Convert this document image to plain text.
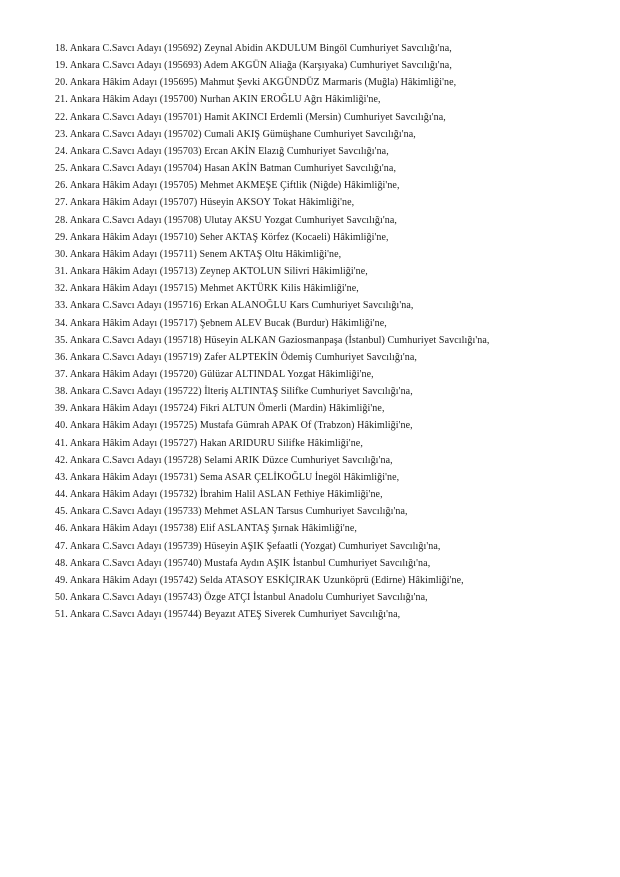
18. Ankara C.Savcı Adayı (195692) Zeynal Abidin AKDULUM Bingöl Cumhuriyet Savcılığı'na,

19. Ankara C.Savcı Adayı (195693) Adem AKGÜN Aliağa (Karşıyaka) Cumhuriyet Savcılığı'na,

20. Ankara Hâkim Adayı (195695) Mahmut Şevki AKGÜNDÜZ Marmaris (Muğla) Hâkimliği'ne,

21. Ankara Hâkim Adayı (195700) Nurhan AKIN EROĞLU Ağrı Hâkimliği'ne,

22. Ankara C.Savcı Adayı (195701) Hamit AKINCI Erdemli (Mersin) Cumhuriyet Savcılığı'na,

23. Ankara C.Savcı Adayı (195702) Cumali AKIŞ Gümüşhane Cumhuriyet Savcılığı'na,

24. Ankara C.Savcı Adayı (195703) Ercan AKİN Elazığ Cumhuriyet Savcılığı'na,

25. Ankara C.Savcı Adayı (195704) Hasan AKİN Batman Cumhuriyet Savcılığı'na,

26. Ankara Hâkim Adayı (195705) Mehmet AKMEŞE Çiftlik (Niğde) Hâkimliği'ne,

27. Ankara Hâkim Adayı (195707) Hüseyin AKSOY Tokat Hâkimliği'ne,

28. Ankara C.Savcı Adayı (195708) Ulutay AKSU Yozgat Cumhuriyet Savcılığı'na,

29. Ankara Hâkim Adayı (195710) Seher AKTAŞ Körfez (Kocaeli) Hâkimliği'ne,

30. Ankara Hâkim Adayı (195711) Senem AKTAŞ Oltu Hâkimliği'ne,

31. Ankara Hâkim Adayı (195713) Zeynep AKTOLUN Silivri Hâkimliği'ne,

32. Ankara Hâkim Adayı (195715) Mehmet AKTÜRK Kilis Hâkimliği'ne,

33. Ankara C.Savcı Adayı (195716) Erkan ALANOĞLU Kars Cumhuriyet Savcılığı'na,

34. Ankara Hâkim Adayı (195717) Şebnem ALEV Bucak (Burdur) Hâkimliği'ne,

35. Ankara C.Savcı Adayı (195718) Hüseyin ALKAN Gaziosmanpaşa (İstanbul) Cumhuriyet Savcılığı'na,

36. Ankara C.Savcı Adayı (195719) Zafer ALPTEKİN Ödemiş Cumhuriyet Savcılığı'na,

37. Ankara Hâkim Adayı (195720) Gülüzar ALTINDAL Yozgat Hâkimliği'ne,

38. Ankara C.Savcı Adayı (195722) İlteriş ALTINTAŞ Silifke Cumhuriyet Savcılığı'na,

39. Ankara Hâkim Adayı (195724) Fikri ALTUN Ömerli (Mardin) Hâkimliği'ne,

40. Ankara Hâkim Adayı (195725) Mustafa Gümrah APAK Of (Trabzon) Hâkimliği'ne,

41. Ankara Hâkim Adayı (195727) Hakan ARIDURU Silifke Hâkimliği'ne,

42. Ankara C.Savcı Adayı (195728) Selami ARIK Düzce Cumhuriyet Savcılığı'na,

43. Ankara Hâkim Adayı (195731) Sema ASAR ÇELİKOĞLU İnegöl Hâkimliği'ne,

44. Ankara Hâkim Adayı (195732) İbrahim Halil ASLAN Fethiye Hâkimliği'ne,

45. Ankara C.Savcı Adayı (195733) Mehmet ASLAN Tarsus Cumhuriyet Savcılığı'na,

46. Ankara Hâkim Adayı (195738) Elif ASLANTAŞ Şırnak Hâkimliği'ne,

47. Ankara C.Savcı Adayı (195739) Hüseyin AŞIK Şefaatli (Yozgat) Cumhuriyet Savcılığı'na,

48. Ankara C.Savcı Adayı (195740) Mustafa Aydın AŞIK İstanbul Cumhuriyet Savcılığı'na,

49. Ankara Hâkim Adayı (195742) Selda ATASOY ESKİÇIRAK Uzunköprü (Edirne) Hâkimliği'ne,

50. Ankara C.Savcı Adayı (195743) Özge ATÇI İstanbul Anadolu Cumhuriyet Savcılığı'na,

51. Ankara C.Savcı Adayı (195744) Beyazıt ATEŞ Siverek Cumhuriyet Savcılığı'na,
